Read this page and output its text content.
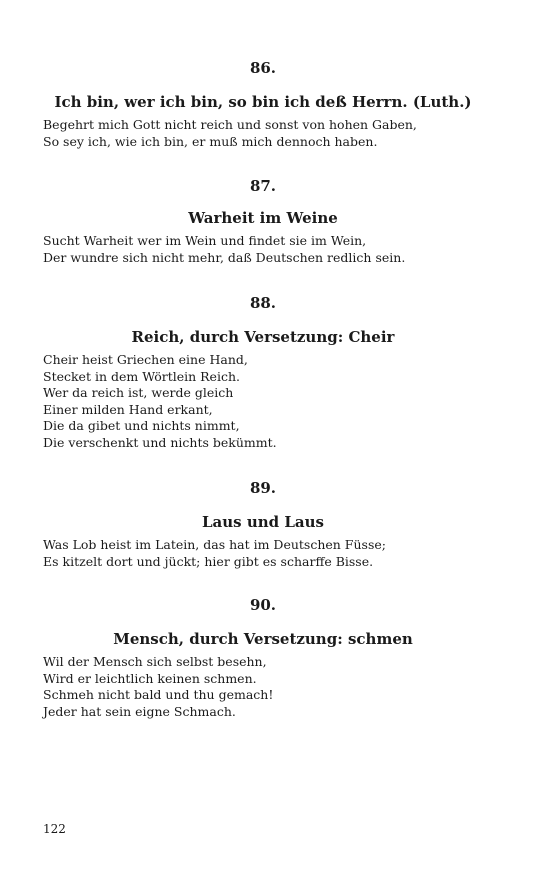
86.

Ich bin, wer ich bin, so bin ich deß Herrn. (Luth.)

Begehrt mich Gott nicht reich und sonst von hohen Gaben,
So sey ich, wie ich bin, er muß mich dennoch haben.

87.

Warheit im Weine

Sucht Warheit wer im Wein und findet sie im Wein,
Der wundre sich nicht mehr, daß Deutschen redlich sein.

88.

Reich, durch Versetzung: Cheir

Cheir heist Griechen eine Hand,
Stecket in dem Wörtlein Reich.
Wer da reich ist, werde gleich
Einer milden Hand erkant,
Die da gibet und nichts nimmt,
Die verschenkt und nichts bekümmt.

89.

Laus und Laus

Was Lob heist im Latein, das hat im Deutschen Füsse;
Es kitzelt dort und jückt; hier gibt es scharffe Bisse.

90.

Mensch, durch Versetzung: schmen

Wil der Mensch sich selbst besehn,
Wird er leichtlich keinen schmen.
Schmeh nicht bald und thu gemach!
Jeder hat sein eigne Schmach.
122
